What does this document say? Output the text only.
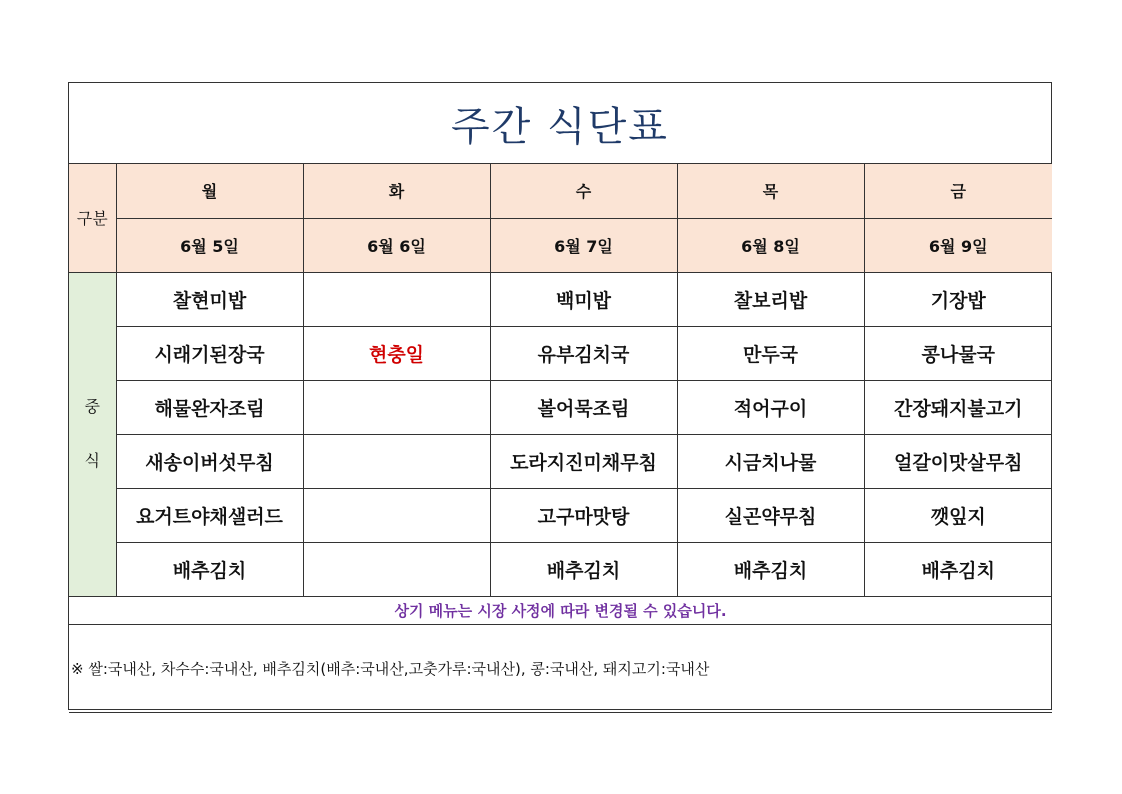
주간 식단표
구분	월	화	수	목	금
	6월 5일	6월 6일	6월 7일	6월 8일	6월 9일

중
식	찰현미밥		백미밥	찰보리밥	기장밥
	시래기된장국	현충일	유부김치국	만두국	콩나물국
	해물완자조림		볼어묵조림	적어구이	간장돼지불고기
	새송이버섯무침		도라지진미채무침	시금치나물	얼갈이맛살무침
	요거트야채샐러드		고구마맛탕	실곤약무침	깻잎지
	배추김치		배추김치	배추김치	배추김치
상기 메뉴는 시장 사정에 따라 변경될 수 있습니다.					
※ 쌀:국내산, 차수수:국내산, 배추김치(배추:국내산,고춧가루:국내산), 콩:국내산, 돼지고기:국내산					
